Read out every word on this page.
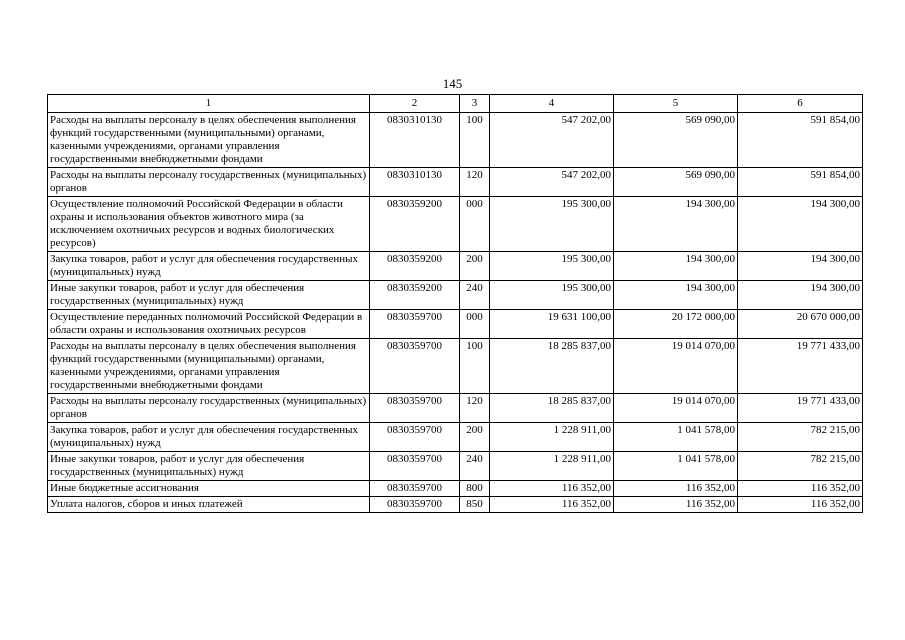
145
1	2	3	4	5	6
Расходы на выплаты персоналу в целях обеспечения выполнения функций государственными (муниципальными) органами, казенными учреждениями, органами управления государственными внебюджетными фондами	0830310130	100	547 202,00	569 090,00	591 854,00
Расходы на выплаты персоналу государственных (муниципальных) органов	0830310130	120	547 202,00	569 090,00	591 854,00
Осуществление полномочий Российской Федерации в области охраны и использования объектов животного мира (за исключением охотничьих ресурсов и водных биологических ресурсов)	0830359200	000	195 300,00	194 300,00	194 300,00
Закупка товаров, работ и услуг для обеспечения государственных (муниципальных) нужд	0830359200	200	195 300,00	194 300,00	194 300,00
Иные закупки товаров, работ и услуг для обеспечения государственных (муниципальных) нужд	0830359200	240	195 300,00	194 300,00	194 300,00
Осуществление переданных полномочий Российской Федерации в области охраны и использования охотничьих ресурсов	0830359700	000	19 631 100,00	20 172 000,00	20 670 000,00
Расходы на выплаты персоналу в целях обеспечения выполнения функций государственными (муниципальными) органами, казенными учреждениями, органами управления государственными внебюджетными фондами	0830359700	100	18 285 837,00	19 014 070,00	19 771 433,00
Расходы на выплаты персоналу государственных (муниципальных) органов	0830359700	120	18 285 837,00	19 014 070,00	19 771 433,00
Закупка товаров, работ и услуг для обеспечения государственных (муниципальных) нужд	0830359700	200	1 228 911,00	1 041 578,00	782 215,00
Иные закупки товаров, работ и услуг для обеспечения государственных (муниципальных) нужд	0830359700	240	1 228 911,00	1 041 578,00	782 215,00
Иные бюджетные ассигнования	0830359700	800	116 352,00	116 352,00	116 352,00
Уплата налогов, сборов и иных платежей	0830359700	850	116 352,00	116 352,00	116 352,00
